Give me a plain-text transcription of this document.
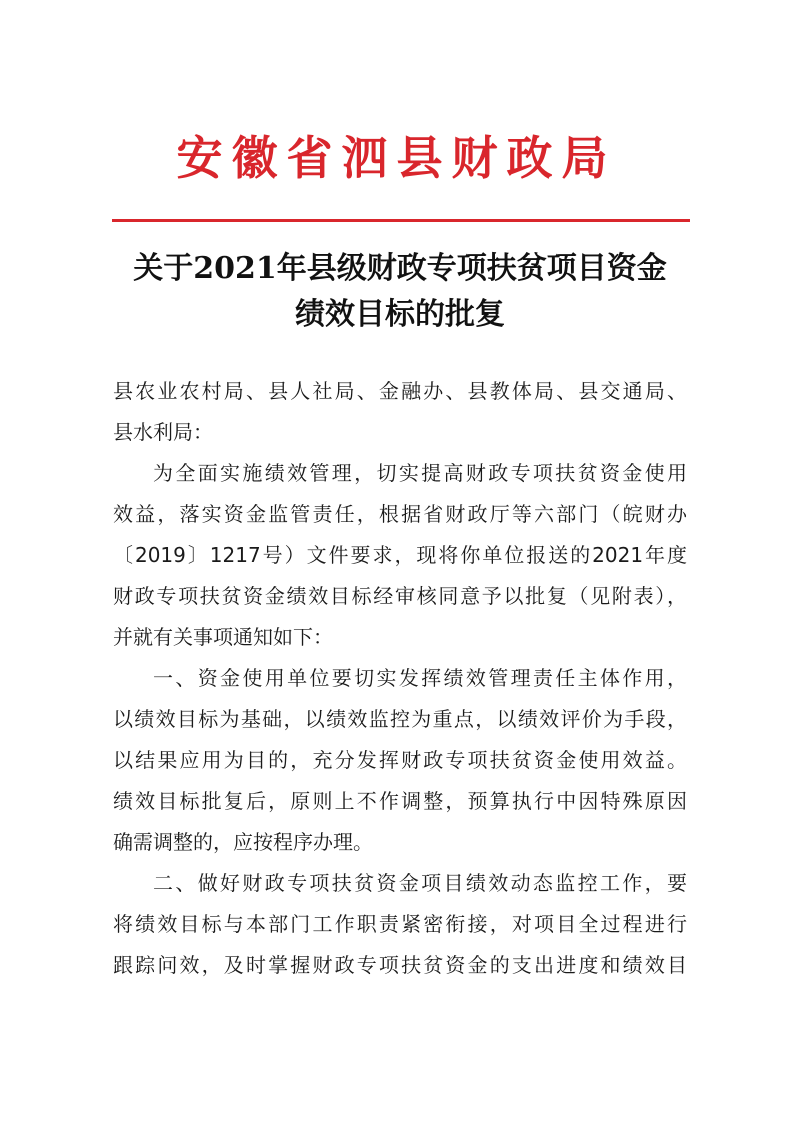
安徽省泗县财政局
关于2021年县级财政专项扶贫项目资金
绩效目标的批复
县农业农村局、县人社局、金融办、县教体局、县交通局、
县水利局：
为全面实施绩效管理，切实提高财政专项扶贫资金使用
效益，落实资金监管责任，根据省财政厅等六部门（皖财办
〔2019〕1217号）文件要求，现将你单位报送的2021年度
财政专项扶贫资金绩效目标经审核同意予以批复（见附表），
并就有关事项通知如下：
一、资金使用单位要切实发挥绩效管理责任主体作用，
以绩效目标为基础，以绩效监控为重点，以绩效评价为手段，
以结果应用为目的，充分发挥财政专项扶贫资金使用效益。
绩效目标批复后，原则上不作调整，预算执行中因特殊原因
确需调整的，应按程序办理。
二、做好财政专项扶贫资金项目绩效动态监控工作，要
将绩效目标与本部门工作职责紧密衔接，对项目全过程进行
跟踪问效，及时掌握财政专项扶贫资金的支出进度和绩效目
